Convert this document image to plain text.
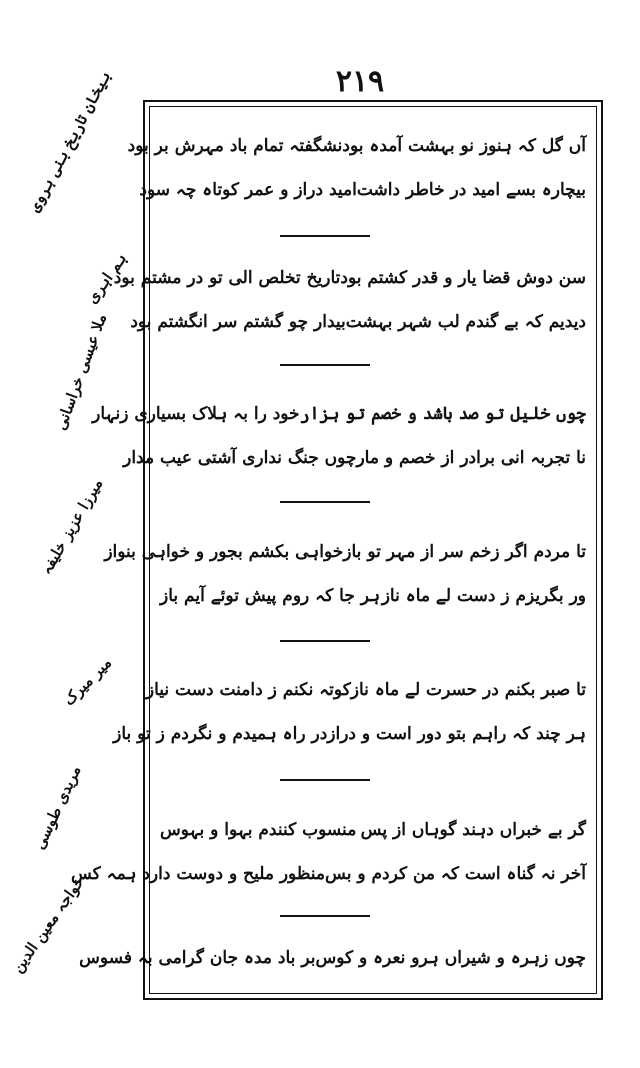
۲۱۹
بیخان تاریخ بنی ہروی
ہم اہری
ملا عیسی خراسانی
میرزا عزیز خلیفہ
میر میرک
مریدی طوسی
خواجہ معین الدین
آں گل کہ ہنوز نو بہشت آمدہ بود
نشگفتہ تمام باد مہرش بر بود
بیچارہ بسے امید در خاطر داشت
امید دراز و عمر کوتاہ چہ سود
سن دوش قضا یار و قدر کشتم بود
تاریخ تخلص الی تو در مشتم بود
دیدیم کہ بے گندم لب شہر بہشت
بیدار چو گشتم سر انگشتم بود
چوں خلیل تو صد باشد و خصم تو ہزار
خود را بہ ہلاک بسیاری زنہار
نا تجربہ انی برادر از خصم و مار
چوں جنگ نداری آشتی عیب مدار
تا مردم اگر زخم سر از مہر تو باز
خواہی بکشم بجور و خواہی بنواز
ور بگریزم ز دست لے ماہ ناز
ہر جا کہ روم پیش توئے آیم باز
تا صبر بکنم در حسرت لے ماہ ناز
کوتہ نکنم ز دامنت دست نیاز
ہر چند کہ راہم بتو دور است و دراز
در راہ ہمیدم و نگردم ز تو باز
گر بے خبراں دہند گوہاں از پس
منسوب کنندم بہوا و بہوس
آخر نہ گناہ است کہ من کردم و بس
منظور ملیح و دوست دارد ہمہ کس
چوں زہرہ و شیراں ہرو نعرہ و کوس
بر باد مدہ جان گرامی بہ فسوس
